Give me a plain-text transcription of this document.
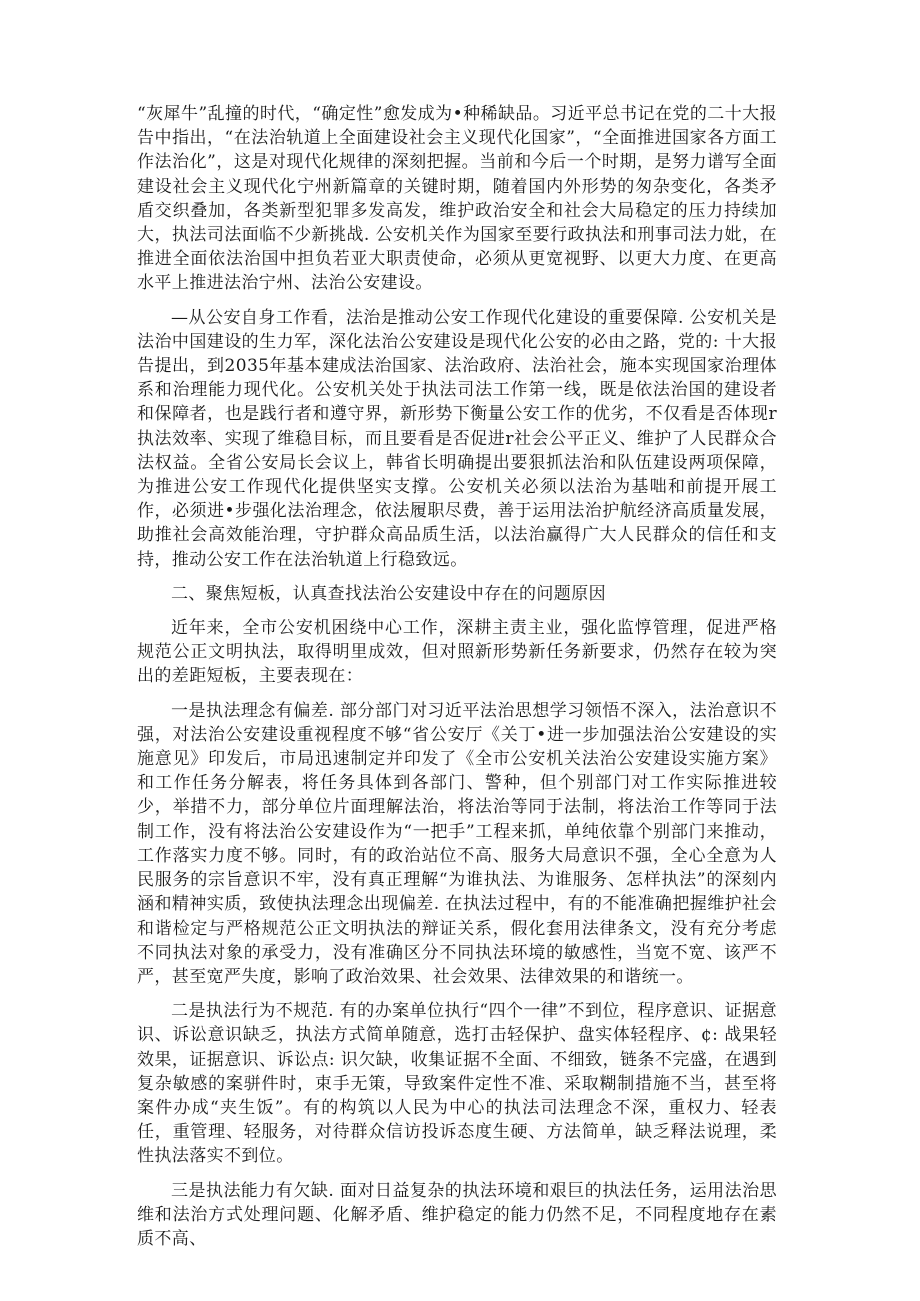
“灰犀牛”乱撞的时代，“确定性”愈发成为•种稀缺品。习近平总书记在党的二十大报告中指出，“在法治轨道上全面建设社会主义现代化国家”，“全面推进国家各方面工作法治化”，这是对现代化规律的深刻把握。当前和今后一个时期，是努力谱写全面建设社会主义现代化宁州新篇章的关键时期，随着国内外形势的匆杂变化，各类矛盾交织叠加，各类新型犯罪多发高发，维护政治安全和社会大局稳定的压力持续加大，执法司法面临不少新挑战. 公安机关作为国家至要行政执法和刑事司法力妣，在推进全面依法治国中担负若亚大职责使命，必须从更宽视野、以更大力度、在更高水平上推进法治宁州、法治公安建设。

—从公安自身工作看，法治是推动公安工作现代化建设的重要保障. 公安机关是法治中国建设的生力军，深化法治公安建设是现代化公安的必由之路，党的: 十大报告提出，到2035年基本建成法治国家、法治政府、法治社会，施本实现国家治理体系和治理能力现代化。公安机关处于执法司法工作第一线，既是依法治国的建设者和保障者，也是践行者和遵守界，新形势下衡量公安工作的优劣，不仅看是否体现r执法效率、实现了维稳目标，而且要看是否促进r社会公平正义、维护了人民群众合法权益。全省公安局长会议上，韩省长明确提出要狠抓法治和队伍建设两项保障，为推进公安工作现代化提供坚实支撑。公安机关必须以法治为基咄和前提开展工作，必须进•步强化法治理念，依法履职尽费，善于运用法治护航经济高质量发展，助推社会高效能治理，守护群众高品质生活，以法治赢得广大人民群众的信任和支持，推动公安工作在法治轨道上行稳致远。

二、聚焦短板，认真查找法治公安建设中存在的问题原因

近年来，全市公安机困绕中心工作，深耕主责主业，强化监惇管理，促进严格规范公正文明执法，取得明里成效，但对照新形势新任务新要求，仍然存在较为突出的差距短板，主要表现在：

一是执法理念有偏差. 部分部门对习近平法治思想学习领悟不深入，法治意识不强，对法治公安建设重视程度不够“省公安厅《关丁•进一步加强法治公安建设的实施意见》印发后，市局迅速制定并印发了《全市公安机关法治公安建设实施方案》和工作任务分解表，将任务具体到各部门、警种，但个别部门对工作实际推进较少，举措不力，部分单位片面理解法治，将法治等同于法制，将法治工作等同于法制工作，没有将法治公安建设作为“一把手”工程来抓，单纯依靠个别部门来推动，工作落实力度不够。同时，有的政治站位不高、服务大局意识不强，全心全意为人民服务的宗旨意识不牢，没有真正理解“为谁执法、为谁服务、怎样执法”的深刻内涵和精神实质，致使执法理念出现偏差. 在执法过程中，有的不能准确把握维护社会和谐检定与严格规范公正文明执法的辩证关系，假化套用法律条文，没有充分考虑不同执法对象的承受力，没有准确区分不同执法环境的敏感性，当宽不宽、该严不严，甚至宽严失度，影响了政治效果、社会效果、法律效果的和谐统一。

二是执法行为不规范. 有的办案单位执行“四个一律”不到位，程序意识、证据意识、诉讼意识缺乏，执法方式简单随意，选打击轻保护、盘实体轻程序、¢: 战果轻效果，证据意识、诉讼点: 识欠缺，收集证据不全面、不细致，链条不完盛，在遇到复杂敏感的案骈件时，束手无策，导致案件定性不准、采取糊制措施不当，甚至将案件办成“夹生饭”。有的构筑以人民为中心的执法司法理念不深，重权力、轻表任，重管理、轻服务，对待群众信访投诉态度生硬、方法简单，缺乏释法说理，柔性执法落实不到位。

三是执法能力有欠缺. 面对日益复杂的执法环境和艰巨的执法任务，运用法治思维和法治方式处理问题、化解矛盾、维护稳定的能力仍然不足，不同程度地存在素质不高、
